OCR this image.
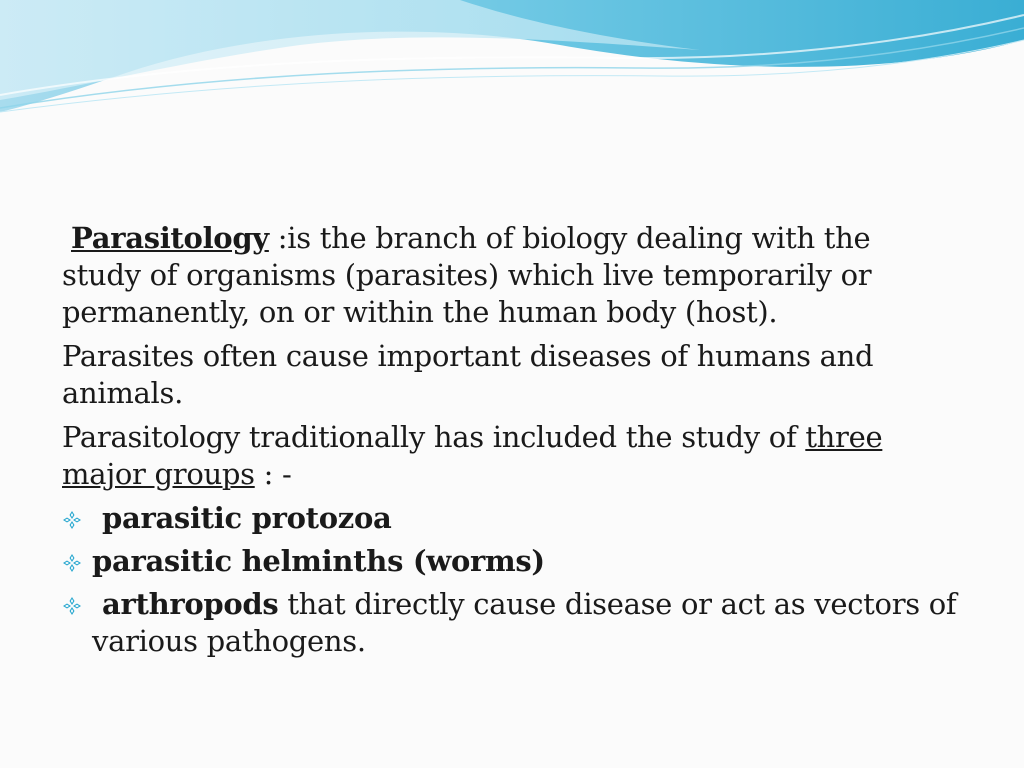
Parasitology :is the branch of biology dealing with the
study of organisms (parasites) which live temporarily or
permanently, on or within the human body (host).

Parasites often cause important diseases of humans and
animals.

Parasitology traditionally has included the study of three
major groups : -

parasitic protozoa
parasitic helminths (worms)
arthropods that directly cause disease or act as vectors of
various pathogens.
